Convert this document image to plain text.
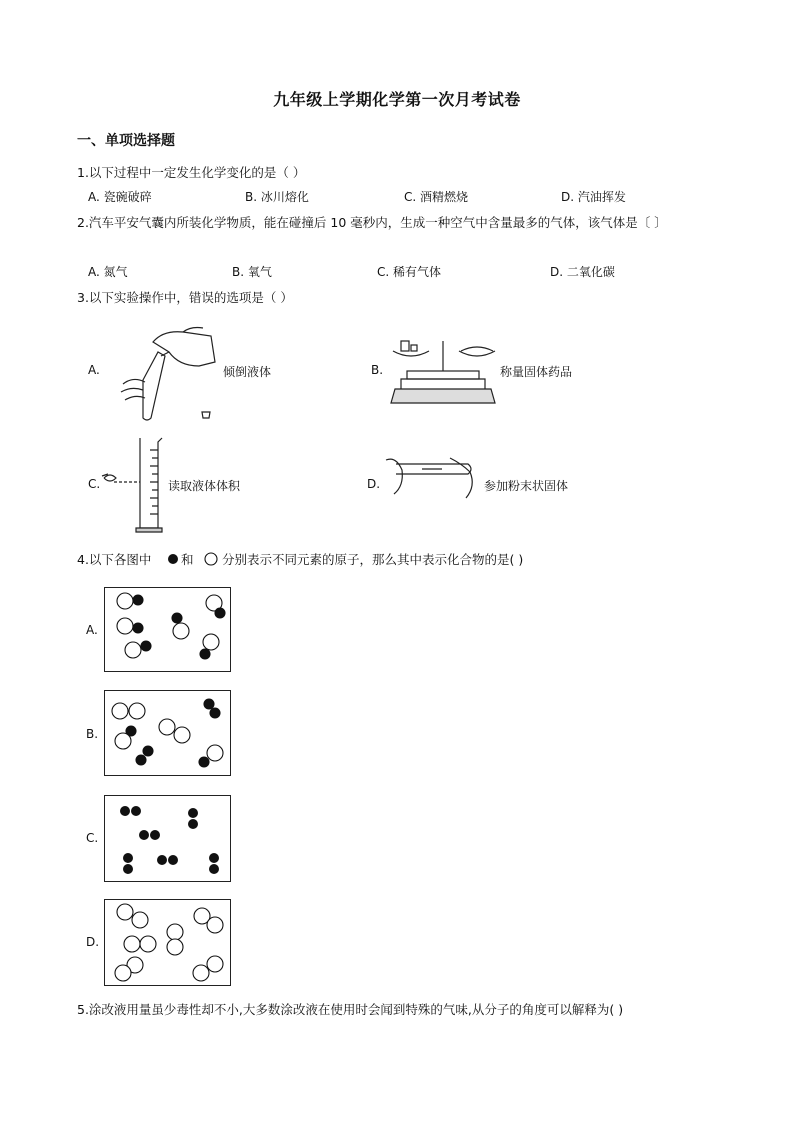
九年级上学期化学第一次月考试卷
一、单项选择题
1.以下过程中一定发生化学变化的是（ ）
A. 瓷碗破碎	B. 冰川熔化	C. 酒精燃烧	D. 汽油挥发
2.汽车平安气囊内所装化学物质，能在碰撞后 10 毫秒内，生成一种空气中含量最多的气体，该气体是〔 〕
A. 氮气	B. 氧气	C. 稀有气体	D. 二氧化碳
3.以下实验操作中，错误的选项是（ ）
A.	倾倒液体	B.	称量固体药品
C.	读取液体体积	D.	参加粉末状固体
4.以下各图中 和 分别表示不同元素的原子，那么其中表示化合物的是( )
A.
B.
C.
D.
5.涂改液用量虽少毒性却不小,大多数涂改液在使用时会闻到特殊的气味,从分子的角度可以解释为( )
